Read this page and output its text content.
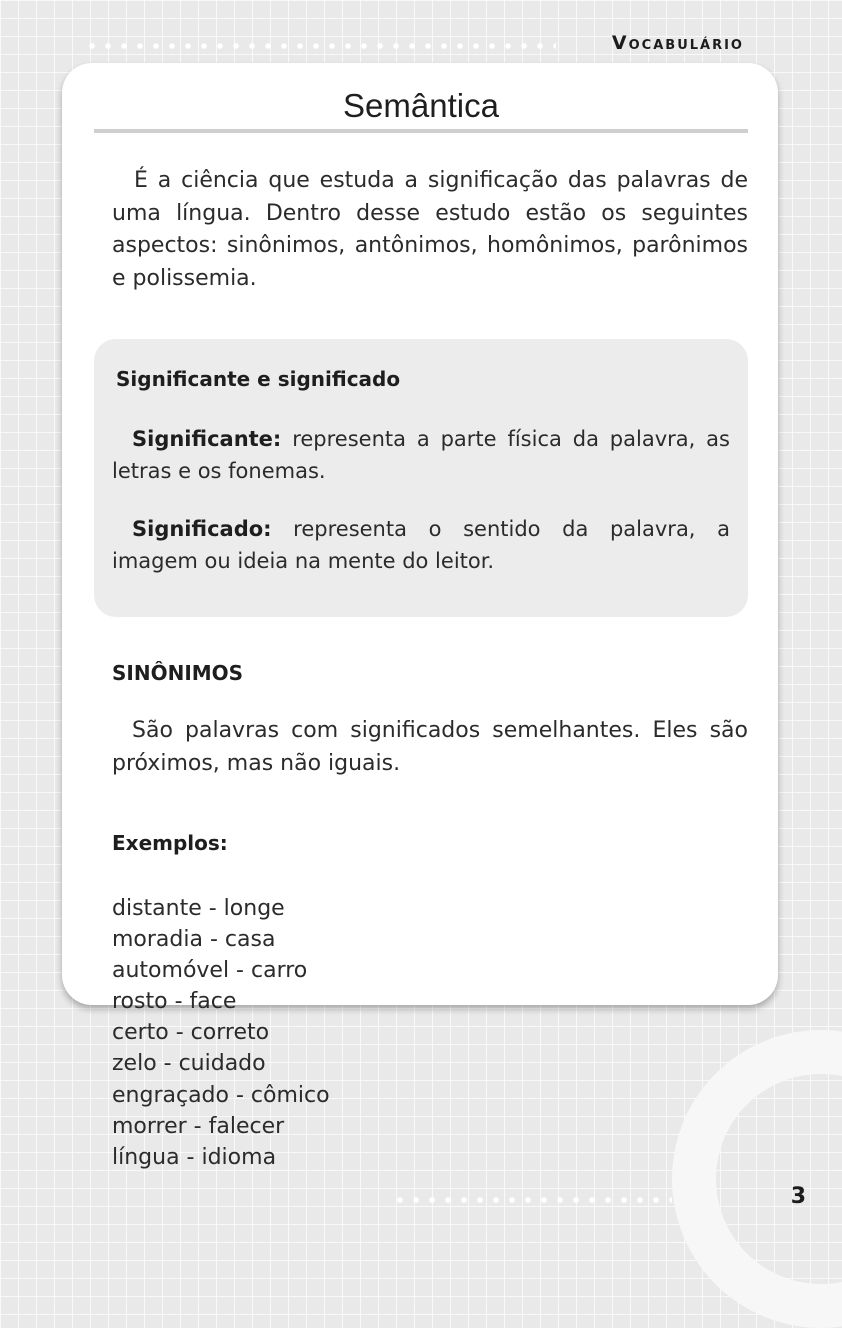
Vocabulário
3
Semântica

É a ciência que estuda a significação das palavras de uma língua. Dentro desse estudo estão os seguintes aspectos: sinônimos, antônimos, homônimos, parônimos e polissemia.

Significante e significado

Significante: representa a parte física da palavra, as letras e os fonemas.

Significado: representa o sentido da palavra, a imagem ou ideia na mente do leitor.

SINÔNIMOS

São palavras com significados semelhantes. Eles são próximos, mas não iguais.

Exemplos:

distante - longe
moradia - casa
automóvel - carro
rosto - face
certo - correto
zelo - cuidado
engraçado - cômico
morrer - falecer
língua - idioma
